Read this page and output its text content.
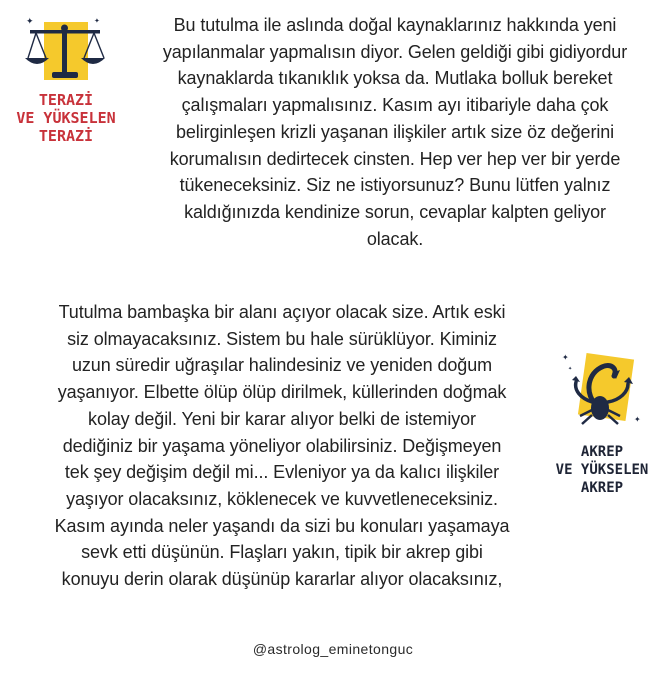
✦	✦
TERAZİ
VE YÜKSELEN
TERAZİ
Bu tutulma ile aslında doğal kaynaklarınız hakkında yeni
yapılanmalar yapmalısın diyor. Gelen geldiği gibi gidiyordur
kaynaklarda tıkanıklık yoksa da. Mutlaka bolluk bereket
çalışmaları yapmalısınız. Kasım ayı itibariyle daha çok
belirginleşen krizli yaşanan ilişkiler artık size öz değerini
korumalısın dedirtecek cinsten. Hep ver hep ver bir yerde
tükeneceksiniz. Siz ne istiyorsunuz? Bunu lütfen yalnız
kaldığınızda kendinize sorun, cevaplar kalpten geliyor
olacak.
Tutulma bambaşka bir alanı açıyor olacak size. Artık eski
siz olmayacaksınız. Sistem bu hale sürüklüyor. Kiminiz
uzun süredir uğraşılar halindesiniz ve yeniden doğum
yaşanıyor. Elbette ölüp ölüp dirilmek, küllerinden doğmak
kolay değil. Yeni bir karar alıyor belki de istemiyor
dediğiniz bir yaşama yöneliyor olabilirsiniz. Değişmeyen
tek şey değişim değil mi... Evleniyor ya da kalıcı ilişkiler
yaşıyor olacaksınız, köklenecek ve kuvvetleneceksiniz.
Kasım ayında neler yaşandı da sizi bu konuları yaşamaya
sevk etti düşünün. Flaşları yakın, tipik bir akrep gibi
konuyu derin olarak düşünüp kararlar alıyor olacaksınız,
✦
✦
✦
AKREP
VE YÜKSELEN
AKREP
@astrolog_eminetonguc
